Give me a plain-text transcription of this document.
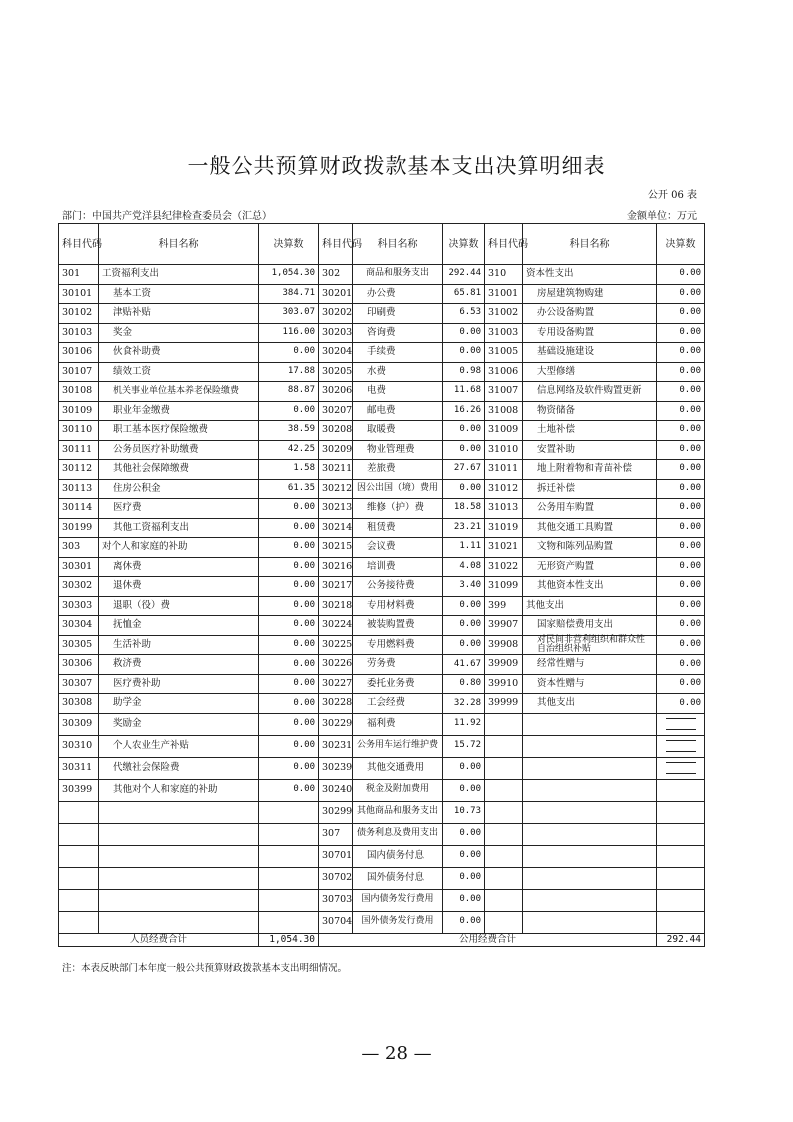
一般公共预算财政拨款基本支出决算明细表
公开 06 表
部门：中国共产党洋县纪律检查委员会（汇总）	金额单位：万元
科目代码	科目名称	决算数	科目代码	科目名称	决算数	科目代码	科目名称	决算数
301	工资福利支出	1,054.30	302	商品和服务支出	292.44	310	资本性支出	0.00
30101	基本工资	384.71	30201	办公费	65.81	31001	房屋建筑物购建	0.00
30102	津贴补贴	303.07	30202	印刷费	6.53	31002	办公设备购置	0.00
30103	奖金	116.00	30203	咨询费	0.00	31003	专用设备购置	0.00
30106	伙食补助费	0.00	30204	手续费	0.00	31005	基础设施建设	0.00
30107	绩效工资	17.88	30205	水费	0.98	31006	大型修缮	0.00
30108	机关事业单位基本养老保险缴费	88.87	30206	电费	11.68	31007	信息网络及软件购置更新	0.00
30109	职业年金缴费	0.00	30207	邮电费	16.26	31008	物资储备	0.00
30110	职工基本医疗保险缴费	38.59	30208	取暖费	0.00	31009	土地补偿	0.00
30111	公务员医疗补助缴费	42.25	30209	物业管理费	0.00	31010	安置补助	0.00
30112	其他社会保障缴费	1.58	30211	差旅费	27.67	31011	地上附着物和青苗补偿	0.00
30113	住房公积金	61.35	30212	因公出国（境）费用	0.00	31012	拆迁补偿	0.00
30114	医疗费	0.00	30213	维修（护）费	18.58	31013	公务用车购置	0.00
30199	其他工资福利支出	0.00	30214	租赁费	23.21	31019	其他交通工具购置	0.00
303	对个人和家庭的补助	0.00	30215	会议费	1.11	31021	文物和陈列品购置	0.00
30301	离休费	0.00	30216	培训费	4.08	31022	无形资产购置	0.00
30302	退休费	0.00	30217	公务接待费	3.40	31099	其他资本性支出	0.00
30303	退职（役）费	0.00	30218	专用材料费	0.00	399	其他支出	0.00
30304	抚恤金	0.00	30224	被装购置费	0.00	39907	国家赔偿费用支出	0.00
30305	生活补助	0.00	30225	专用燃料费	0.00	39908	对民间非营利组织和群众性自治组织补贴	0.00
30306	救济费	0.00	30226	劳务费	41.67	39909	经常性赠与	0.00
30307	医疗费补助	0.00	30227	委托业务费	0.80	39910	资本性赠与	0.00
30308	助学金	0.00	30228	工会经费	32.28	39999	其他支出	0.00
30309	奖励金	0.00	30229	福利费	11.92			

30310	个人农业生产补贴	0.00	30231	公务用车运行维护费	15.72			

30311	代缴社会保险费	0.00	30239	其他交通费用	0.00			

30399	其他对个人和家庭的补助	0.00	30240	税金及附加费用	0.00			
			30299	其他商品和服务支出	10.73			
			307	债务利息及费用支出	0.00			
			30701	国内债务付息	0.00			
			30702	国外债务付息	0.00			
			30703	国内债务发行费用	0.00			
			30704	国外债务发行费用	0.00			
人员经费合计		1,054.30	公用经费合计					292.44
注：本表反映部门本年度一般公共预算财政拨款基本支出明细情况。
— 28 —
